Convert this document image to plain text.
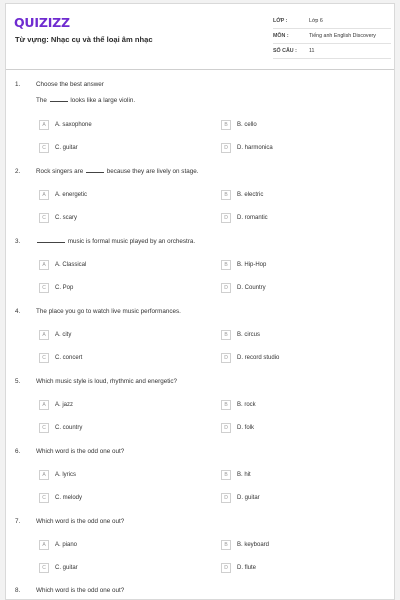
QUIZIZZ
Từ vựng: Nhạc cụ và thể loại âm nhạc
LỚP :	Lớp 6
MÔN :	Tiếng anh English Discovery
SỐ CÂU :	11
1. Choose the best answer
The	looks like a large violin.
A	A. saxophone	B	B. cello
C	C. guitar	D	D. harmonica
2. Rock singers are	because they are lively on stage.
A	A. energetic	B	B. electric
C	C. scary	D	D. romantic
3.	music is formal music played by an orchestra.
A	A. Classical	B	B. Hip-Hop
C	C. Pop	D	D. Country
4. The place you go to watch live music performances.
A	A. city	B	B. circus
C	C. concert	D	D. record studio
5. Which music style is loud, rhythmic and energetic?
A	A. jazz	B	B. rock
C	C. country	D	D. folk
6. Which word is the odd one out?
A	A. lyrics	B	B. hit
C	C. melody	D	D. guitar
7. Which word is the odd one out?
A	A. piano	B	B. keyboard
C	C. guitar	D	D. flute
8. Which word is the odd one out?
